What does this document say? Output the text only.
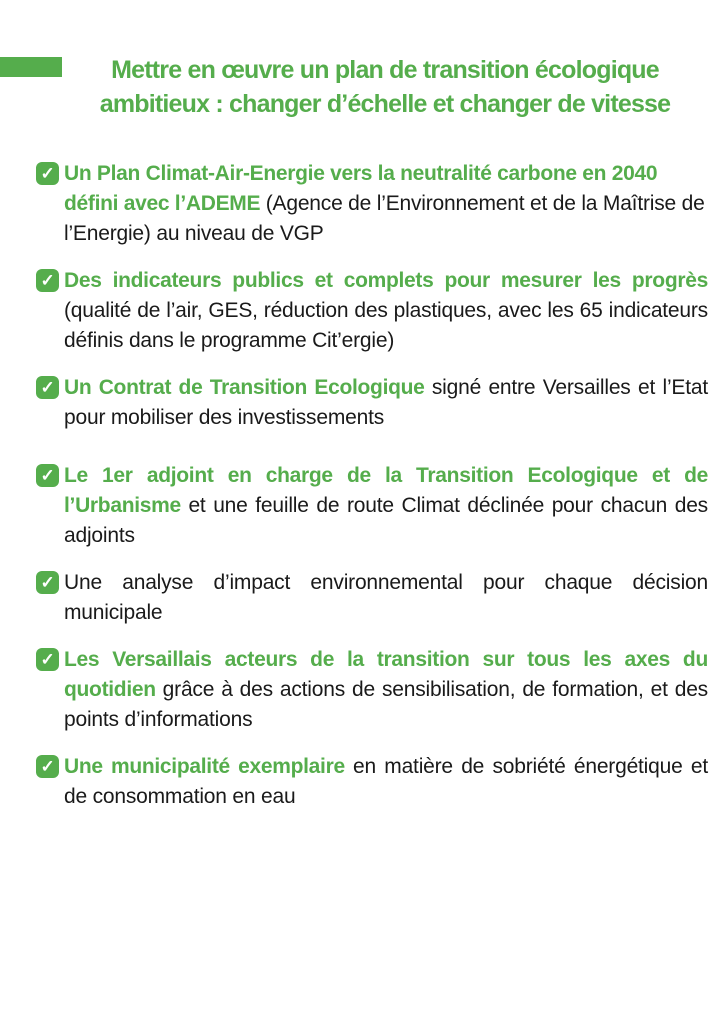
Mettre en œuvre un plan de transition écologique
ambitieux : changer d’échelle et changer de vitesse
✓ Un Plan Climat-Air-Energie vers la neutralité carbone en 2040 défini avec l’ADEME (Agence de l’Environnement et de la Maîtrise de l’Energie) au niveau de VGP
✓ Des indicateurs publics et complets pour mesurer les progrès (qualité de l’air, GES, réduction des plastiques, avec les 65 indicateurs définis dans le programme Cit’ergie)
✓ Un Contrat de Transition Ecologique signé entre Versailles et l’Etat pour mobiliser des investissements
✓ Le 1er adjoint en charge de la Transition Ecologique et de l’Urbanisme et une feuille de route Climat déclinée pour chacun des adjoints
✓ Une analyse d’impact environnemental pour chaque décision municipale
✓ Les Versaillais acteurs de la transition sur tous les axes du quotidien grâce à des actions de sensibilisation, de formation, et des points d’informations
✓ Une municipalité exemplaire en matière de sobriété énergétique et de consommation en eau
